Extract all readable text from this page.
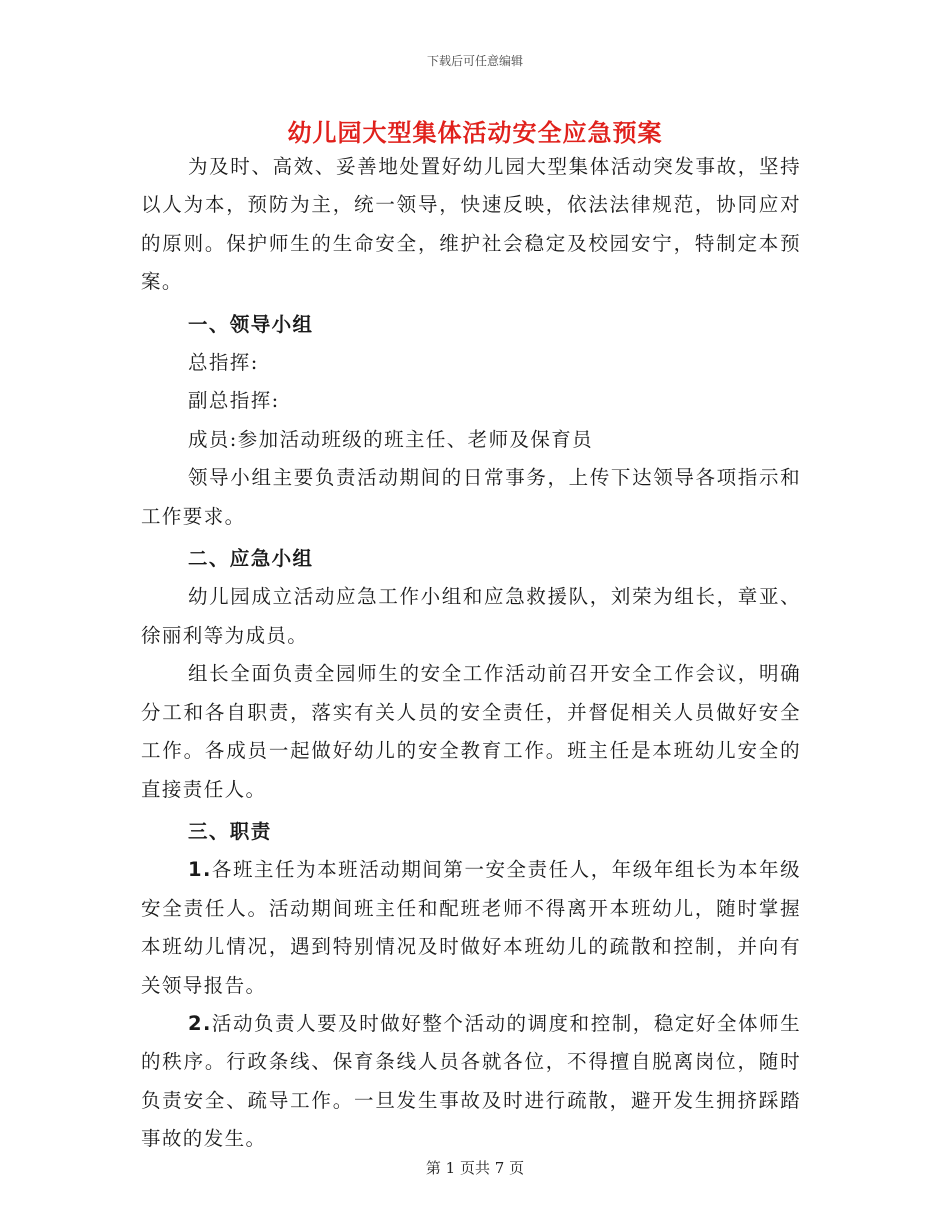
下载后可任意编辑
幼儿园大型集体活动安全应急预案

为及时、高效、妥善地处置好幼儿园大型集体活动突发事故，坚持以人为本，预防为主，统一领导，快速反映，依法法律规范，协同应对的原则。保护师生的生命安全，维护社会稳定及校园安宁，特制定本预案。

一、领导小组

总指挥:

副总指挥:

成员:参加活动班级的班主任、老师及保育员

领导小组主要负责活动期间的日常事务，上传下达领导各项指示和工作要求。

二、应急小组

幼儿园成立活动应急工作小组和应急救援队，刘荣为组长，章亚、徐丽利等为成员。

组长全面负责全园师生的安全工作活动前召开安全工作会议，明确分工和各自职责，落实有关人员的安全责任，并督促相关人员做好安全工作。各成员一起做好幼儿的安全教育工作。班主任是本班幼儿安全的直接责任人。

三、职责

1.各班主任为本班活动期间第一安全责任人，年级年组长为本年级安全责任人。活动期间班主任和配班老师不得离开本班幼儿，随时掌握本班幼儿情况，遇到特别情况及时做好本班幼儿的疏散和控制，并向有关领导报告。

2.活动负责人要及时做好整个活动的调度和控制，稳定好全体师生的秩序。行政条线、保育条线人员各就各位，不得擅自脱离岗位，随时负责安全、疏导工作。一旦发生事故及时进行疏散，避开发生拥挤踩踏事故的发生。

第 1 页共 7 页
